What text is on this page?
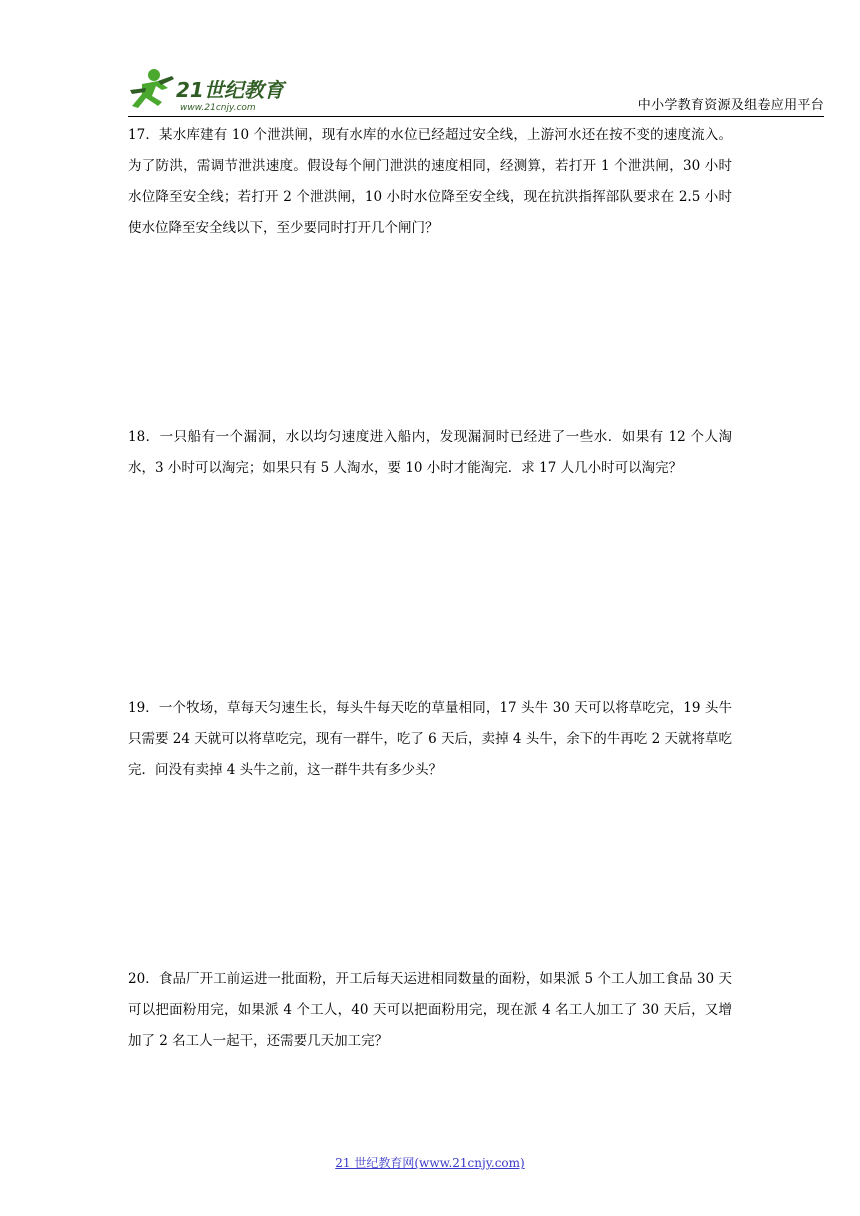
21世纪教育
www.21cnjy.com	中小学教育资源及组卷应用平台
17．某水库建有 10 个泄洪闸，现有水库的水位已经超过安全线，上游河水还在按不变的速度流入。为了防洪，需调节泄洪速度。假设每个闸门泄洪的速度相同，经测算，若打开 1 个泄洪闸，30 小时水位降至安全线；若打开 2 个泄洪闸，10 小时水位降至安全线，现在抗洪指挥部队要求在 2.5 小时使水位降至安全线以下，至少要同时打开几个闸门？
18．一只船有一个漏洞，水以均匀速度进入船内，发现漏洞时已经进了一些水．如果有 12 个人淘水，3 小时可以淘完；如果只有 5 人淘水，要 10 小时才能淘完．求 17 人几小时可以淘完？
19．一个牧场，草每天匀速生长，每头牛每天吃的草量相同，17 头牛 30 天可以将草吃完，19 头牛只需要 24 天就可以将草吃完，现有一群牛，吃了 6 天后，卖掉 4 头牛，余下的牛再吃 2 天就将草吃完．问没有卖掉 4 头牛之前，这一群牛共有多少头？
20．食品厂开工前运进一批面粉，开工后每天运进相同数量的面粉，如果派 5 个工人加工食品 30 天可以把面粉用完，如果派 4 个工人，40 天可以把面粉用完，现在派 4 名工人加工了 30 天后，又增加了 2 名工人一起干，还需要几天加工完？
21 世纪教育网(www.21cnjy.com)
